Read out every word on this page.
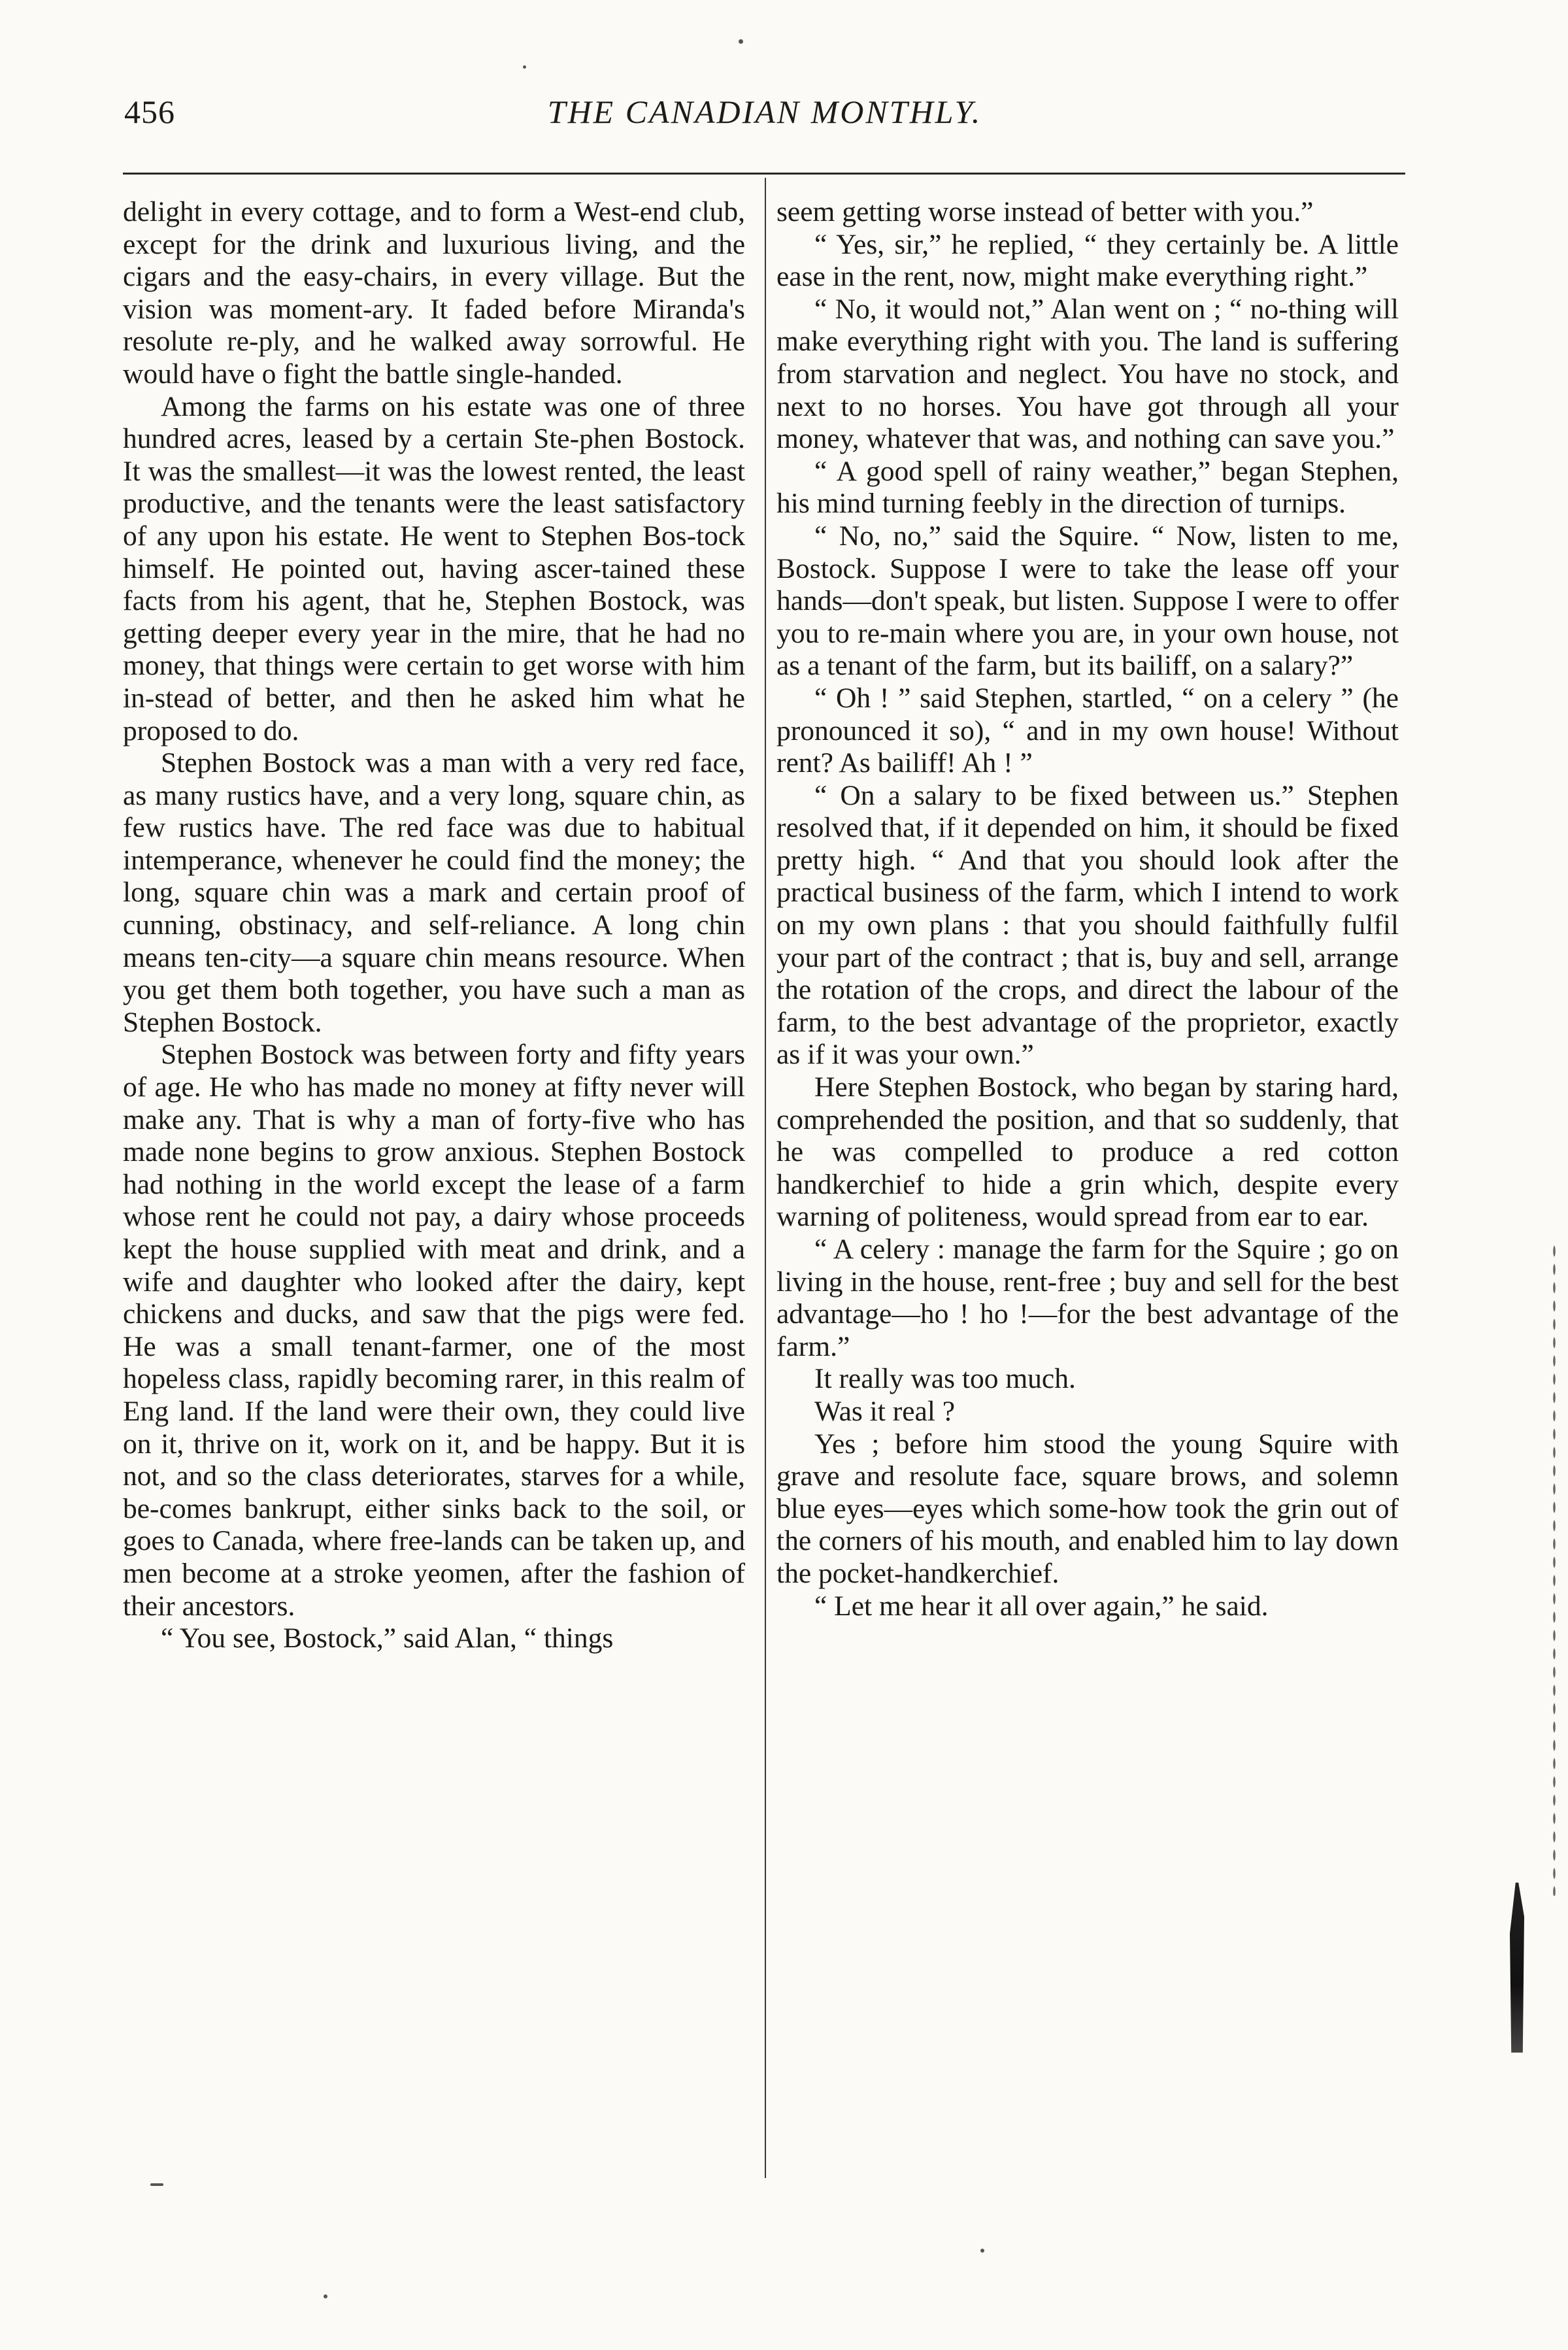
456	THE CANADIAN MONTHLY.

delight in every cottage, and to form a West-end club, except for the drink and luxurious living, and the cigars and the easy-chairs, in every village. But the vision was moment-ary. It faded before Miranda's resolute re-ply, and he walked away sorrowful. He would have o fight the battle single-handed.

Among the farms on his estate was one of three hundred acres, leased by a certain Ste-phen Bostock. It was the smallest—it was the lowest rented, the least productive, and the tenants were the least satisfactory of any upon his estate. He went to Stephen Bos-tock himself. He pointed out, having ascer-tained these facts from his agent, that he, Stephen Bostock, was getting deeper every year in the mire, that he had no money, that things were certain to get worse with him in-stead of better, and then he asked him what he proposed to do.

Stephen Bostock was a man with a very red face, as many rustics have, and a very long, square chin, as few rustics have. The red face was due to habitual intemperance, whenever he could find the money; the long, square chin was a mark and certain proof of cunning, obstinacy, and self-reliance. A long chin means ten-city—a square chin means resource. When you get them both together, you have such a man as Stephen Bostock.

Stephen Bostock was between forty and fifty years of age. He who has made no money at fifty never will make any. That is why a man of forty-five who has made none begins to grow anxious. Stephen Bostock had nothing in the world except the lease of a farm whose rent he could not pay, a dairy whose proceeds kept the house supplied with meat and drink, and a wife and daughter who looked after the dairy, kept chickens and ducks, and saw that the pigs were fed. He was a small tenant-farmer, one of the most hopeless class, rapidly becoming rarer, in this realm of Eng land. If the land were their own, they could live on it, thrive on it, work on it, and be happy. But it is not, and so the class deteriorates, starves for a while, be-comes bankrupt, either sinks back to the soil, or goes to Canada, where free-lands can be taken up, and men become at a stroke yeomen, after the fashion of their ancestors.

“ You see, Bostock,” said Alan, “ things

seem getting worse instead of better with you.”

“ Yes, sir,” he replied, “ they certainly be. A little ease in the rent, now, might make everything right.”

“ No, it would not,” Alan went on ; “ no-thing will make everything right with you. The land is suffering from starvation and neglect. You have no stock, and next to no horses. You have got through all your money, whatever that was, and nothing can save you.”

“ A good spell of rainy weather,” began Stephen, his mind turning feebly in the direction of turnips.

“ No, no,” said the Squire. “ Now, listen to me, Bostock. Suppose I were to take the lease off your hands—don't speak, but listen. Suppose I were to offer you to re-main where you are, in your own house, not as a tenant of the farm, but its bailiff, on a salary?”

“ Oh ! ” said Stephen, startled, “ on a celery ” (he pronounced it so), “ and in my own house! Without rent? As bailiff! Ah ! ”

“ On a salary to be fixed between us.” Stephen resolved that, if it depended on him, it should be fixed pretty high. “ And that you should look after the practical business of the farm, which I intend to work on my own plans : that you should faithfully fulfil your part of the contract ; that is, buy and sell, arrange the rotation of the crops, and direct the labour of the farm, to the best advantage of the proprietor, exactly as if it was your own.”

Here Stephen Bostock, who began by staring hard, comprehended the position, and that so suddenly, that he was compelled to produce a red cotton handkerchief to hide a grin which, despite every warning of politeness, would spread from ear to ear.

“ A celery : manage the farm for the Squire ; go on living in the house, rent-free ; buy and sell for the best advantage—ho ! ho !—for the best advantage of the farm.”

It really was too much.

Was it real ?

Yes ; before him stood the young Squire with grave and resolute face, square brows, and solemn blue eyes—eyes which some-how took the grin out of the corners of his mouth, and enabled him to lay down the pocket-handkerchief.

“ Let me hear it all over again,” he said.
